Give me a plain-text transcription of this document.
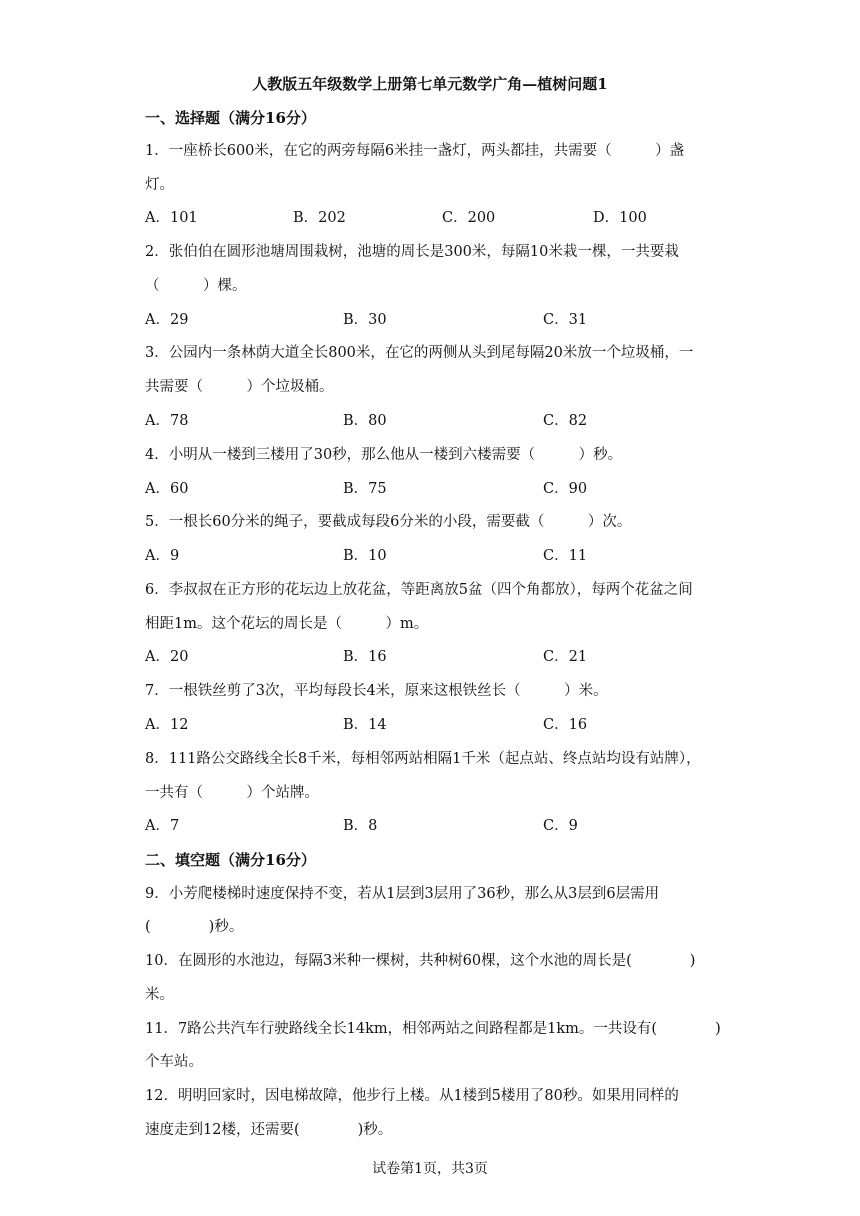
人教版五年级数学上册第七单元数学广角—植树问题1
一、选择题（满分16分）
1．一座桥长600米，在它的两旁每隔6米挂一盏灯，两头都挂，共需要（　　　）盏
灯。
A．101	B．202	C．200	D．100
2．张伯伯在圆形池塘周围栽树，池塘的周长是300米，每隔10米栽一棵，一共要栽
（　　　）棵。
A．29	B．30	C．31
3．公园内一条林荫大道全长800米，在它的两侧从头到尾每隔20米放一个垃圾桶，一
共需要（　　　）个垃圾桶。
A．78	B．80	C．82
4．小明从一楼到三楼用了30秒，那么他从一楼到六楼需要（　　　）秒。
A．60	B．75	C．90
5．一根长60分米的绳子，要截成每段6分米的小段，需要截（　　　）次。
A．9	B．10	C．11
6．李叔叔在正方形的花坛边上放花盆，等距离放5盆（四个角都放），每两个花盆之间
相距1m。这个花坛的周长是（　　　）m。
A．20	B．16	C．21
7．一根铁丝剪了3次，平均每段长4米，原来这根铁丝长（　　　）米。
A．12	B．14	C．16
8．111路公交路线全长8千米，每相邻两站相隔1千米（起点站、终点站均设有站牌），
一共有（　　　）个站牌。
A．7	B．8	C．9
二、填空题（满分16分）
9．小芳爬楼梯时速度保持不变，若从1层到3层用了36秒，那么从3层到6层需用
(　　　　)秒。
10．在圆形的水池边，每隔3米种一棵树，共种树60棵，这个水池的周长是(　　　　)
米。
11．7路公共汽车行驶路线全长14km，相邻两站之间路程都是1km。一共设有(　　　　)
个车站。
12．明明回家时，因电梯故障，他步行上楼。从1楼到5楼用了80秒。如果用同样的
速度走到12楼，还需要(　　　　)秒。
试卷第1页，共3页
